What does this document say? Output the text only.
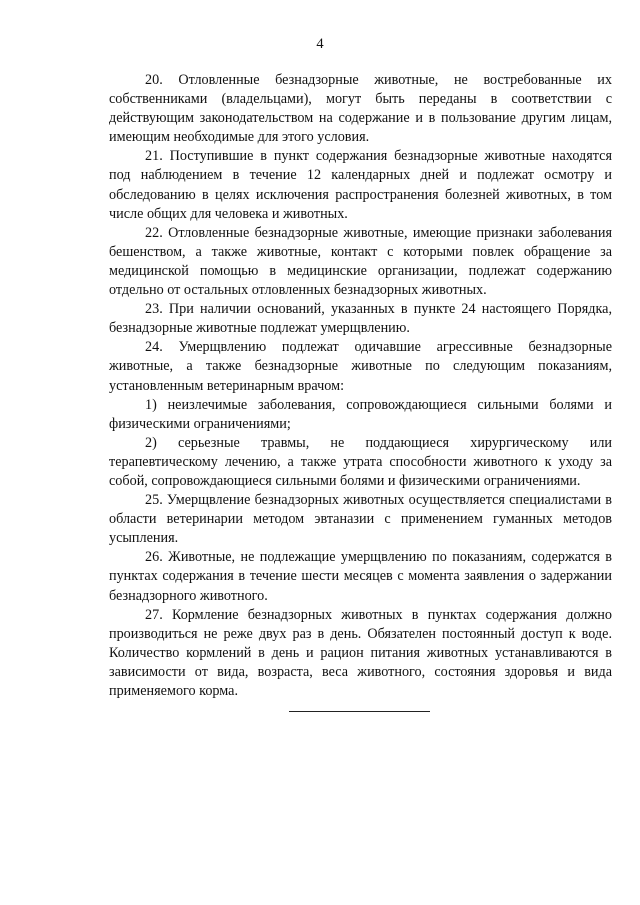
4

20. Отловленные безнадзорные животные, не востребованные их собственниками (владельцами), могут быть переданы в соответствии с действующим законодательством на содержание и в пользование другим лицам, имеющим необходимые для этого условия.

21. Поступившие в пункт содержания безнадзорные животные находятся под наблюдением в течение 12 календарных дней и подлежат осмотру и обследованию в целях исключения распространения болезней животных, в том числе общих для человека и животных.

22. Отловленные безнадзорные животные, имеющие признаки заболевания бешенством, а также животные, контакт с которыми повлек обращение за медицинской помощью в медицинские организации, подлежат содержанию отдельно от остальных отловленных безнадзорных животных.

23. При наличии оснований, указанных в пункте 24 настоящего Порядка, безнадзорные животные подлежат умерщвлению.

24. Умерщвлению подлежат одичавшие агрессивные безнадзорные животные, а также безнадзорные животные по следующим показаниям, установленным ветеринарным врачом:

1) неизлечимые заболевания, сопровождающиеся сильными болями и физическими ограничениями;

2) серьезные травмы, не поддающиеся хирургическому или терапевтическому лечению, а также утрата способности животного к уходу за собой, сопровождающиеся сильными болями и физическими ограничениями.

25. Умерщвление безнадзорных животных осуществляется специалистами в области ветеринарии методом эвтаназии с применением гуманных методов усыпления.

26. Животные, не подлежащие умерщвлению по показаниям, содержатся в пунктах содержания в течение шести месяцев с момента заявления о задержании безнадзорного животного.

27. Кормление безнадзорных животных в пунктах содержания должно производиться не реже двух раз в день. Обязателен постоянный доступ к воде. Количество кормлений в день и рацион питания животных устанавливаются в зависимости от вида, возраста, веса животного, состояния здоровья и вида применяемого корма.
